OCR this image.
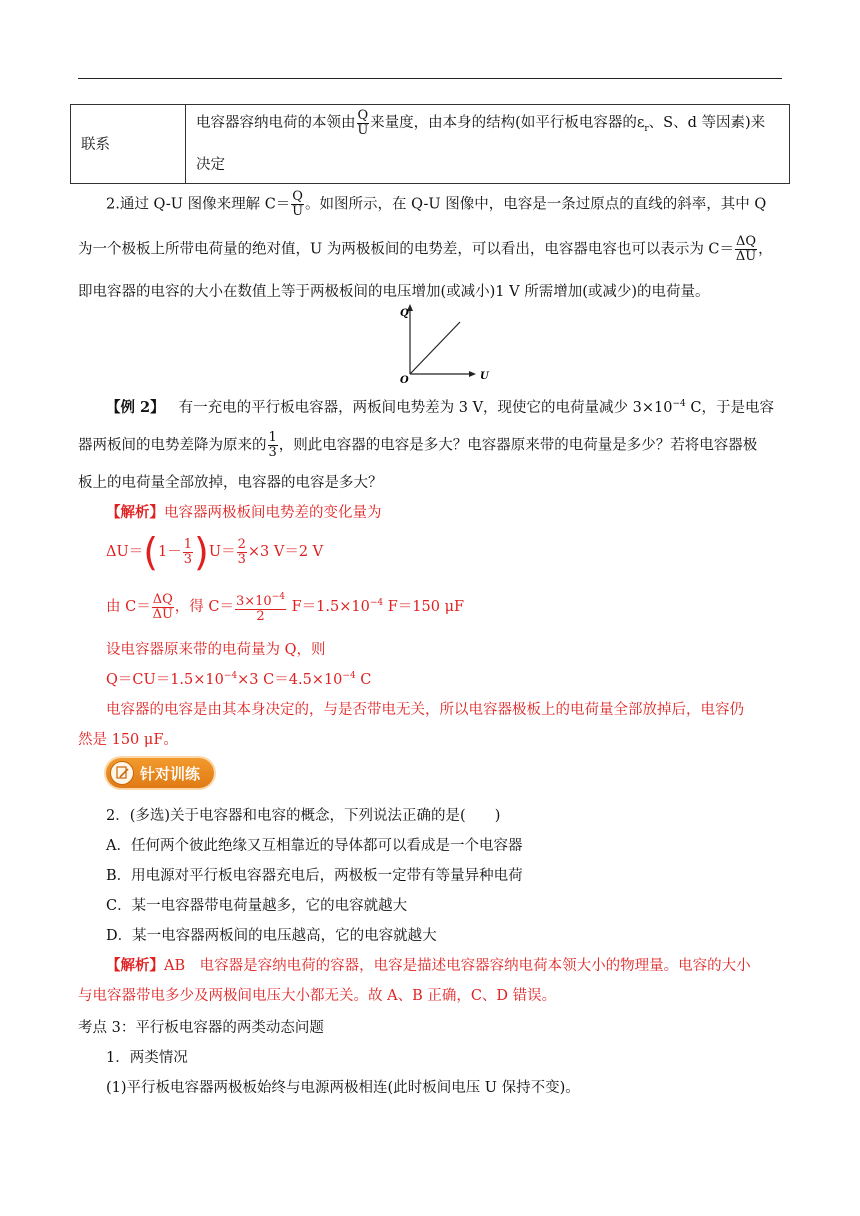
联系	电容器容纳电荷的本领由 $\frac{Q}{U}$ 来量度，由本身的结构(如平行板电容器的$\varepsilon_r$、S、d 等因素)来决定
2.通过 Q-U 图像来理解 $C= \frac{Q}{U}$ 。如图所示，在 Q-U 图像中，电容是一条过原点的直线的斜率，其中 Q
为一个极板上所带电荷量的绝对值，U 为两极板间的电势差，可以看出，电容器电容也可以表示为 $C= \frac{\Delta Q}{\Delta U}$ ，
即电容器的电容的大小在数值上等于两极板间的电压增加(或减小)1 V 所需增加(或减少)的电荷量。
Q
U
O
【例 2】 有一充电的平行板电容器，两板间电势差为 3 V，现使它的电荷量减少 $3\times 10^{-4}$ C，于是电容
器两板间的电势差降为原来的 $\frac{1}{3}$ ，则此电容器的电容是多大？电容器原来带的电荷量是多少？若将电容器极
板上的电荷量全部放掉，电容器的电容是多大？
【解析】电容器两极板间电势差的变化量为
$\Delta U=(1- \frac{1}{3} )U= \frac{2}{3} \times 3$ V＝2 V
由 $C= \frac{\Delta Q}{\Delta U}$ ，得 $C= \frac{3\times 10^{-4}}{2} F=1.5\times 10^{-4}$ F＝150 μF
设电容器原来带的电荷量为 Q，则
$Q=CU=1.5\times 10^{-4}\times 3$ $C=4.5\times 10^{-4}$ C
电容器的电容是由其本身决定的，与是否带电无关，所以电容器极板上的电荷量全部放掉后，电容仍
然是 150 μF。
针对训练
2．(多选)关于电容器和电容的概念，下列说法正确的是(　　)
A．任何两个彼此绝缘又互相靠近的导体都可以看成是一个电容器
B．用电源对平行板电容器充电后，两极板一定带有等量异种电荷
C．某一电容器带电荷量越多，它的电容就越大
D．某一电容器两板间的电压越高，它的电容就越大
【解析】AB　电容器是容纳电荷的容器，电容是描述电容器容纳电荷本领大小的物理量。电容的大小
与电容器带电多少及两极间电压大小都无关。故 A、B 正确，C、D 错误。
考点 3：平行板电容器的两类动态问题
1．两类情况
(1)平行板电容器两极板始终与电源两极相连(此时板间电压 U 保持不变)。
